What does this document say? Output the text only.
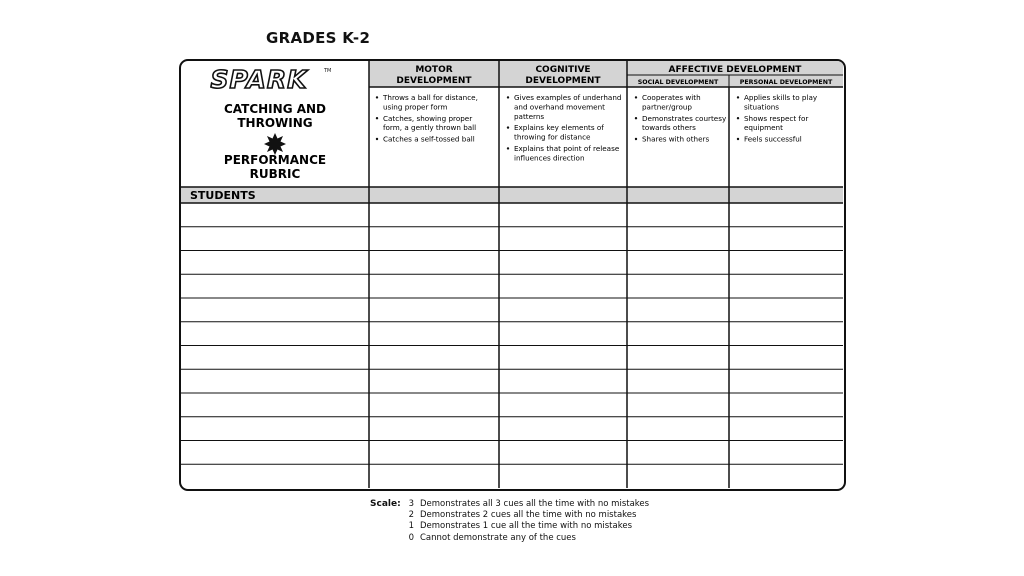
GRADES K-2
SPARK	TM
CATCHING AND
THROWING
PERFORMANCE
RUBRIC
MOTOR
DEVELOPMENT
COGNITIVE
DEVELOPMENT
AFFECTIVE DEVELOPMENT
SOCIAL DEVELOPMENT	PERSONAL DEVELOPMENT
Throws a ball for distance,
using proper form
Catches, showing proper
form, a gently thrown ball
Catches a self-tossed ball
Gives examples of underhand
and overhand movement
patterns
Explains key elements of
throwing for distance
Explains that point of release
influences direction
Cooperates with
partner/group
Demonstrates courtesy
towards others
Shares with others
Applies skills to play
situations
Shows respect for
equipment
Feels successful
STUDENTS
Scale: 3 Demonstrates all 3 cues all the time with no mistakes
2 Demonstrates 2 cues all the time with no mistakes
1 Demonstrates 1 cue all the time with no mistakes
0 Cannot demonstrate any of the cues
